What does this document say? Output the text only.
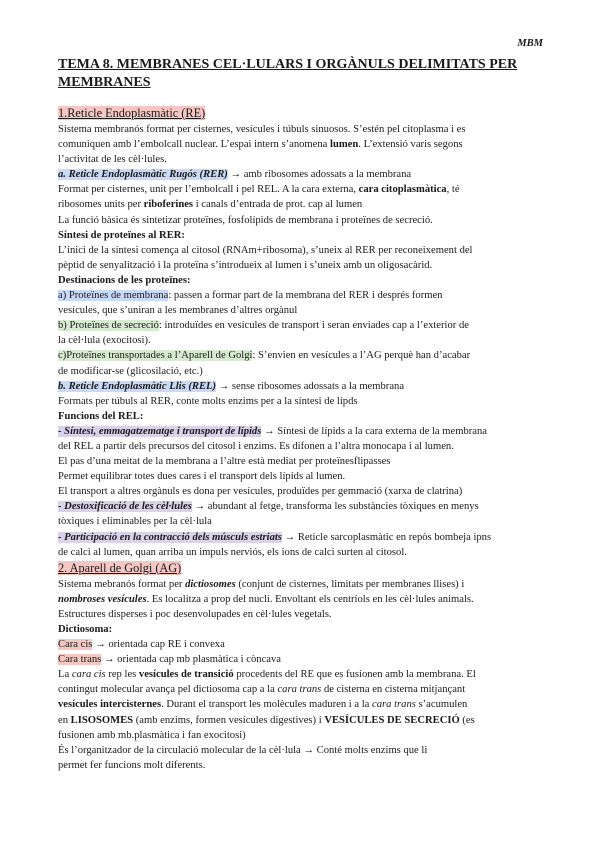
MBM
TEMA 8. MEMBRANES CEL·LULARS I ORGÀNULS DELIMITATS PER MEMBRANES
1.Reticle Endoplasmàtic (RE)
Sistema membranós format per cisternes, vesícules i túbuls sinuosos. S’estén pel citoplasma i es
comuniquen amb l’embolcall nuclear. L’espai intern s’anomena lumen. L’extensió varis segons
l’activitat de les cèl·lules.
a. Reticle Endoplasmàtic Rugós (RER) → amb ribosomes adossats a la membrana
Format per cisternes, unit per l’embolcall i pel REL. A la cara externa, cara citoplasmàtica, té
ribosomes units per riboferines i canals d’entrada de prot. cap al lumen
La funció bàsica és sintetizar proteïnes, fosfolípids de membrana i proteïnes de secreció.
Síntesi de proteïnes al RER:
L’inici de la síntesi comença al citosol (RNAm+ribosoma), s’uneix al RER per reconeixement del
pèptid de senyalització i la proteïna s’introdueix al lumen i s’uneix amb un oligosacàrid.
Destinacions de les proteïnes:
a) Proteïnes de membrana: passen a formar part de la membrana del RER i després formen
vesícules, que s’uniran a les membranes d’altres orgànul
b) Proteïnes de secreció: introduïdes en vesícules de transport i seran enviades cap a l’exterior de
la cèl·lula (exocitosi).
c)Proteïnes transportades a l’Aparell de Golgi: S’envien en vesícules a l’AG perquè han d’acabar
de modificar-se (glicosilació, etc.)
b. Reticle Endoplasmàtic Llis (REL) → sense ribosomes adossats a la membrana
Formats per túbuls al RER, conte molts enzims per a la síntesi de lípds
Funcions del REL:
- Síntesi, emmagatzematge i transport de lípids → Síntesi de lípids a la cara externa de la membrana
del REL a partir dels precursos del citosol i enzims. Es difonen a l’altra monocapa i al lumen.
El pas d’una meitat de la membrana a l’altre està mediat per proteïnesflipasses
Permet equilibrar totes dues cares i el transport dels lípids al lumen.
El transport a altres orgànuls es dona per vesícules, produïdes per gemmació (xarxa de clatrina)
- Destoxificació de les cèl·lules → abundant al fetge, transforma les substàncies tòxiques en menys
tòxiques i eliminables per la cèl·lula
- Participació en la contracció dels músculs estriats → Reticle sarcoplasmàtic en repòs bombeja ipns
de calci al lumen, quan arriba un impuls nerviós, els ions de calci surten al citosol.
2. Aparell de Golgi (AG)
Sistema mebranós format per dictiosomes (conjunt de cisternes, limitats per membranes llises) i
nombroses vesícules. Es localitza a prop del nucli. Envoltant els centríols en les cèl·lules animals.
Estructures disperses i poc desenvolupades en cèl·lules vegetals.
Dictiosoma:
Cara cis → orientada cap RE i convexa
Cara trans → orientada cap mb plasmàtica i còncava
La cara cis rep les vesícules de transició procedents del RE que es fusionen amb la membrana. El
contingut molecular avança pel dictiosoma cap a la cara trans de cisterna en cisterna mitjançant
vesícules intercisternes. Durant el transport les molècules maduren i a la cara trans s’acumulen
en LISOSOMES (amb enzims, formen vesícules digestives) i VESÍCULES DE SECRECIÓ (es
fusionen amb mb.plasmàtica i fan exocitosi)
És l’organitzador de la circulació molecular de la cèl·lula → Conté molts enzims que li
permet fer funcions molt diferents.
